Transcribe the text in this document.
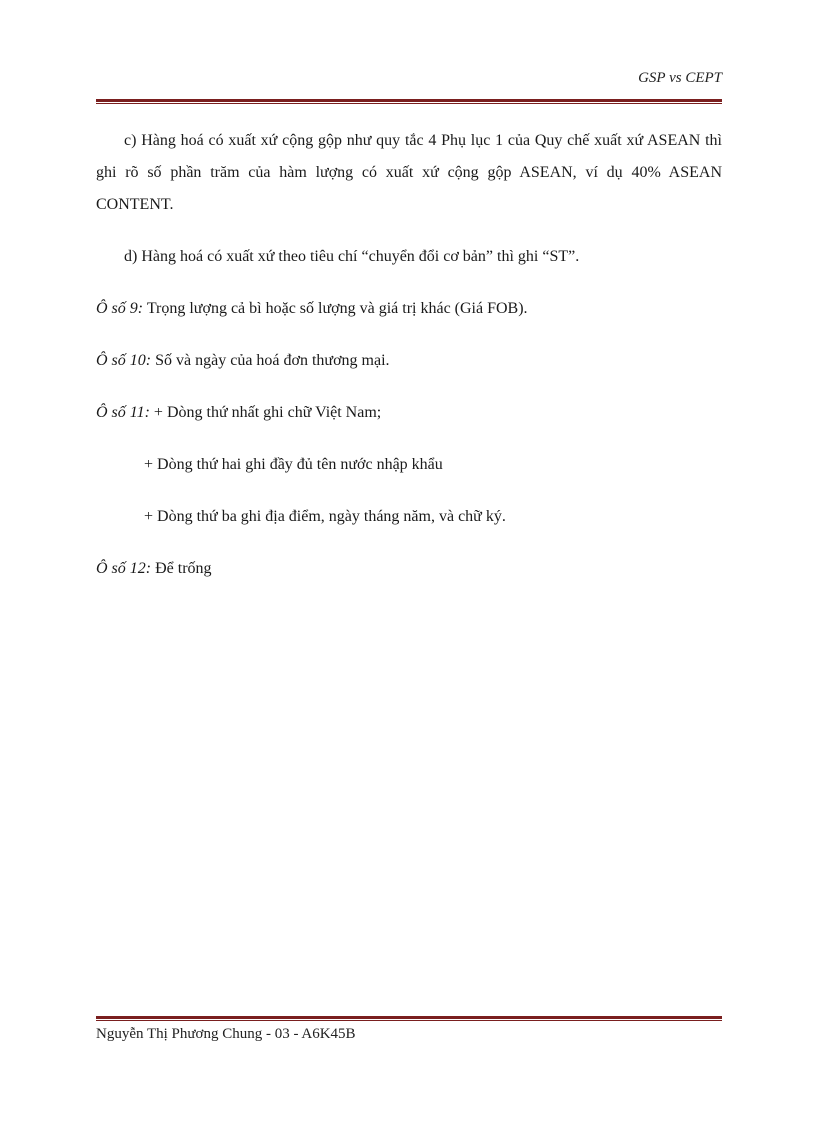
GSP vs CEPT

c) Hàng hoá có xuất xứ cộng gộp như quy tắc 4 Phụ lục 1 của Quy chế xuất xứ ASEAN thì ghi rõ số phần trăm của hàm lượng có xuất xứ cộng gộp ASEAN, ví dụ 40% ASEAN CONTENT.

d) Hàng hoá có xuất xứ theo tiêu chí “chuyển đổi cơ bản” thì ghi “ST”.

Ô số 9: Trọng lượng cả bì hoặc số lượng và giá trị khác (Giá FOB).

Ô số 10: Số và ngày của hoá đơn thương mại.

Ô số 11: + Dòng thứ nhất ghi chữ Việt Nam;

+ Dòng thứ hai ghi đầy đủ tên nước nhập khẩu

+ Dòng thứ ba ghi địa điểm, ngày tháng năm, và chữ ký.

Ô số 12: Để trống

Nguyễn Thị Phương Chung - 03 - A6K45B
